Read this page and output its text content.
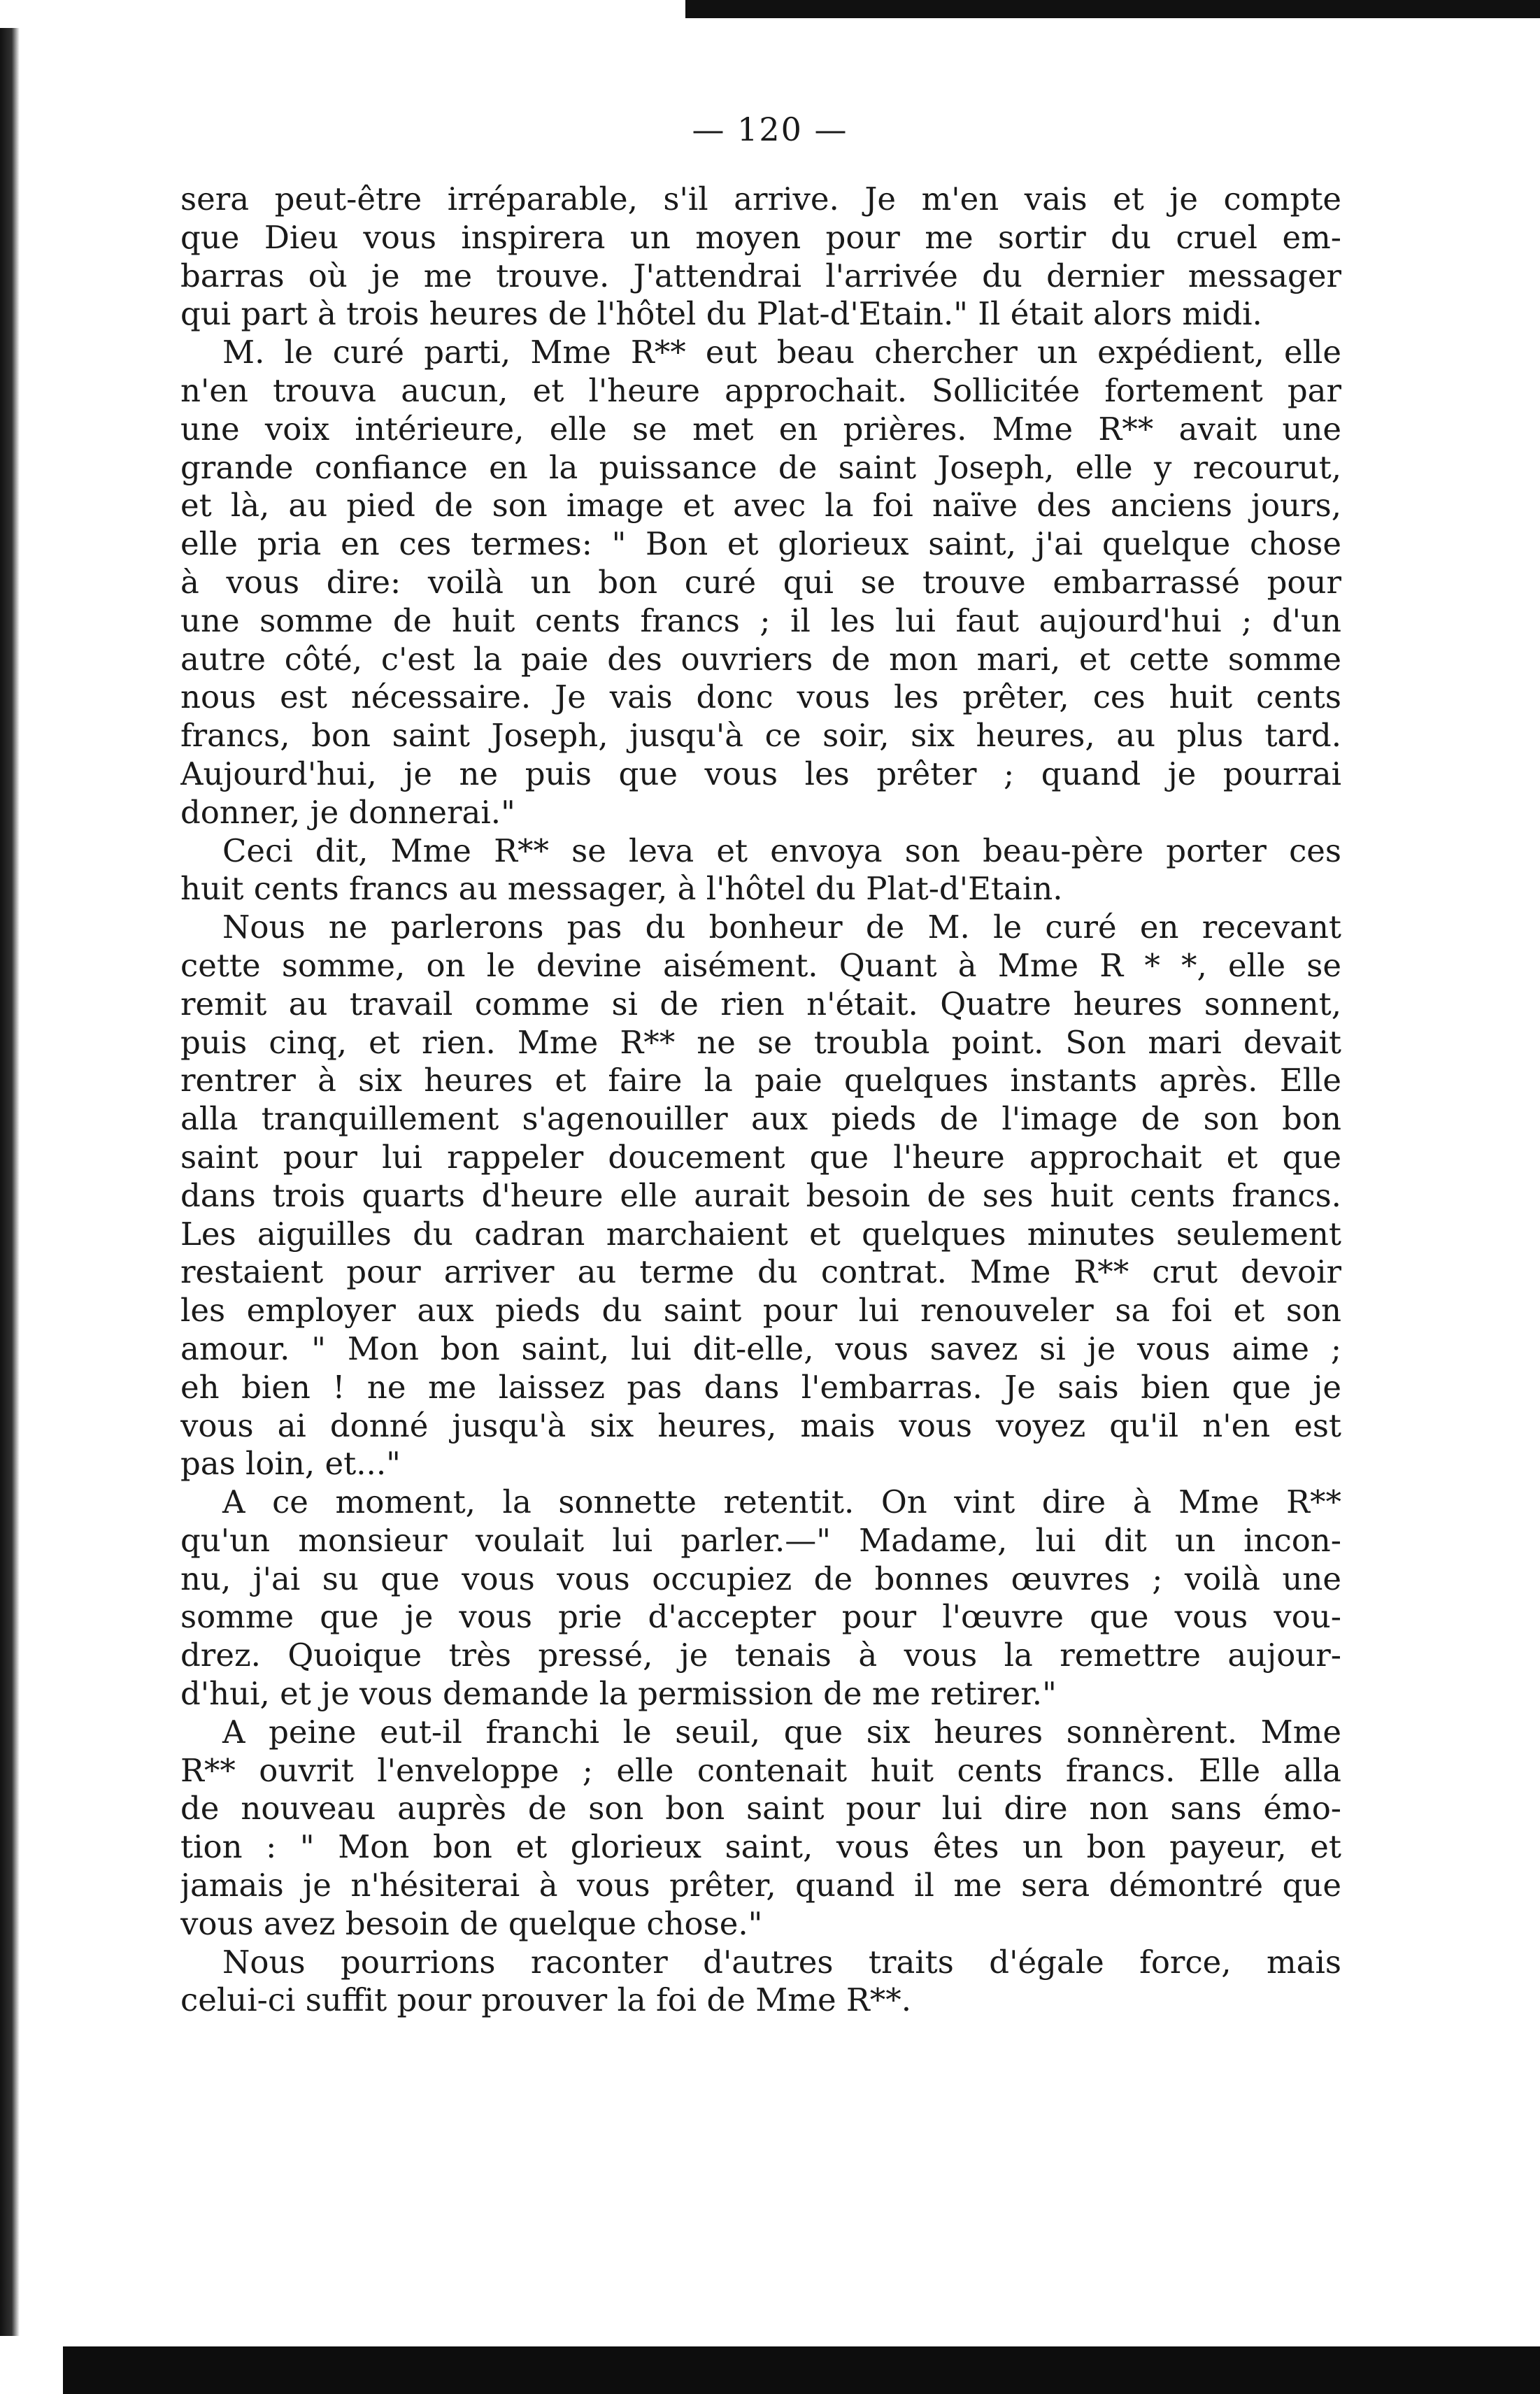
— 120 —
sera peut-être irréparable, s'il arrive. Je m'en vais et je compte
que Dieu vous inspirera un moyen pour me sortir du cruel em-
barras où je me trouve. J'attendrai l'arrivée du dernier messager
qui part à trois heures de l'hôtel du Plat-d'Etain." Il était alors midi.
M. le curé parti, Mme R** eut beau chercher un expédient, elle
n'en trouva aucun, et l'heure approchait. Sollicitée fortement par
une voix intérieure, elle se met en prières. Mme R** avait une
grande confiance en la puissance de saint Joseph, elle y recourut,
et là, au pied de son image et avec la foi naïve des anciens jours,
elle pria en ces termes: " Bon et glorieux saint, j'ai quelque chose
à vous dire: voilà un bon curé qui se trouve embarrassé pour
une somme de huit cents francs ; il les lui faut aujourd'hui ; d'un
autre côté, c'est la paie des ouvriers de mon mari, et cette somme
nous est nécessaire. Je vais donc vous les prêter, ces huit cents
francs, bon saint Joseph, jusqu'à ce soir, six heures, au plus tard.
Aujourd'hui, je ne puis que vous les prêter ; quand je pourrai
donner, je donnerai."
Ceci dit, Mme R** se leva et envoya son beau-père porter ces
huit cents francs au messager, à l'hôtel du Plat-d'Etain.
Nous ne parlerons pas du bonheur de M. le curé en recevant
cette somme, on le devine aisément. Quant à Mme R * *, elle se
remit au travail comme si de rien n'était. Quatre heures sonnent,
puis cinq, et rien. Mme R** ne se troubla point. Son mari devait
rentrer à six heures et faire la paie quelques instants après. Elle
alla tranquillement s'agenouiller aux pieds de l'image de son bon
saint pour lui rappeler doucement que l'heure approchait et que
dans trois quarts d'heure elle aurait besoin de ses huit cents francs.
Les aiguilles du cadran marchaient et quelques minutes seulement
restaient pour arriver au terme du contrat. Mme R** crut devoir
les employer aux pieds du saint pour lui renouveler sa foi et son
amour. " Mon bon saint, lui dit-elle, vous savez si je vous aime ;
eh bien ! ne me laissez pas dans l'embarras. Je sais bien que je
vous ai donné jusqu'à six heures, mais vous voyez qu'il n'en est
pas loin, et..."
A ce moment, la sonnette retentit. On vint dire à Mme R**
qu'un monsieur voulait lui parler.—" Madame, lui dit un incon-
nu, j'ai su que vous vous occupiez de bonnes œuvres ; voilà une
somme que je vous prie d'accepter pour l'œuvre que vous vou-
drez. Quoique très pressé, je tenais à vous la remettre aujour-
d'hui, et je vous demande la permission de me retirer."
A peine eut-il franchi le seuil, que six heures sonnèrent. Mme
R** ouvrit l'enveloppe ; elle contenait huit cents francs. Elle alla
de nouveau auprès de son bon saint pour lui dire non sans émo-
tion : " Mon bon et glorieux saint, vous êtes un bon payeur, et
jamais je n'hésiterai à vous prêter, quand il me sera démontré que
vous avez besoin de quelque chose."
Nous pourrions raconter d'autres traits d'égale force, mais
celui-ci suffit pour prouver la foi de Mme R**.
